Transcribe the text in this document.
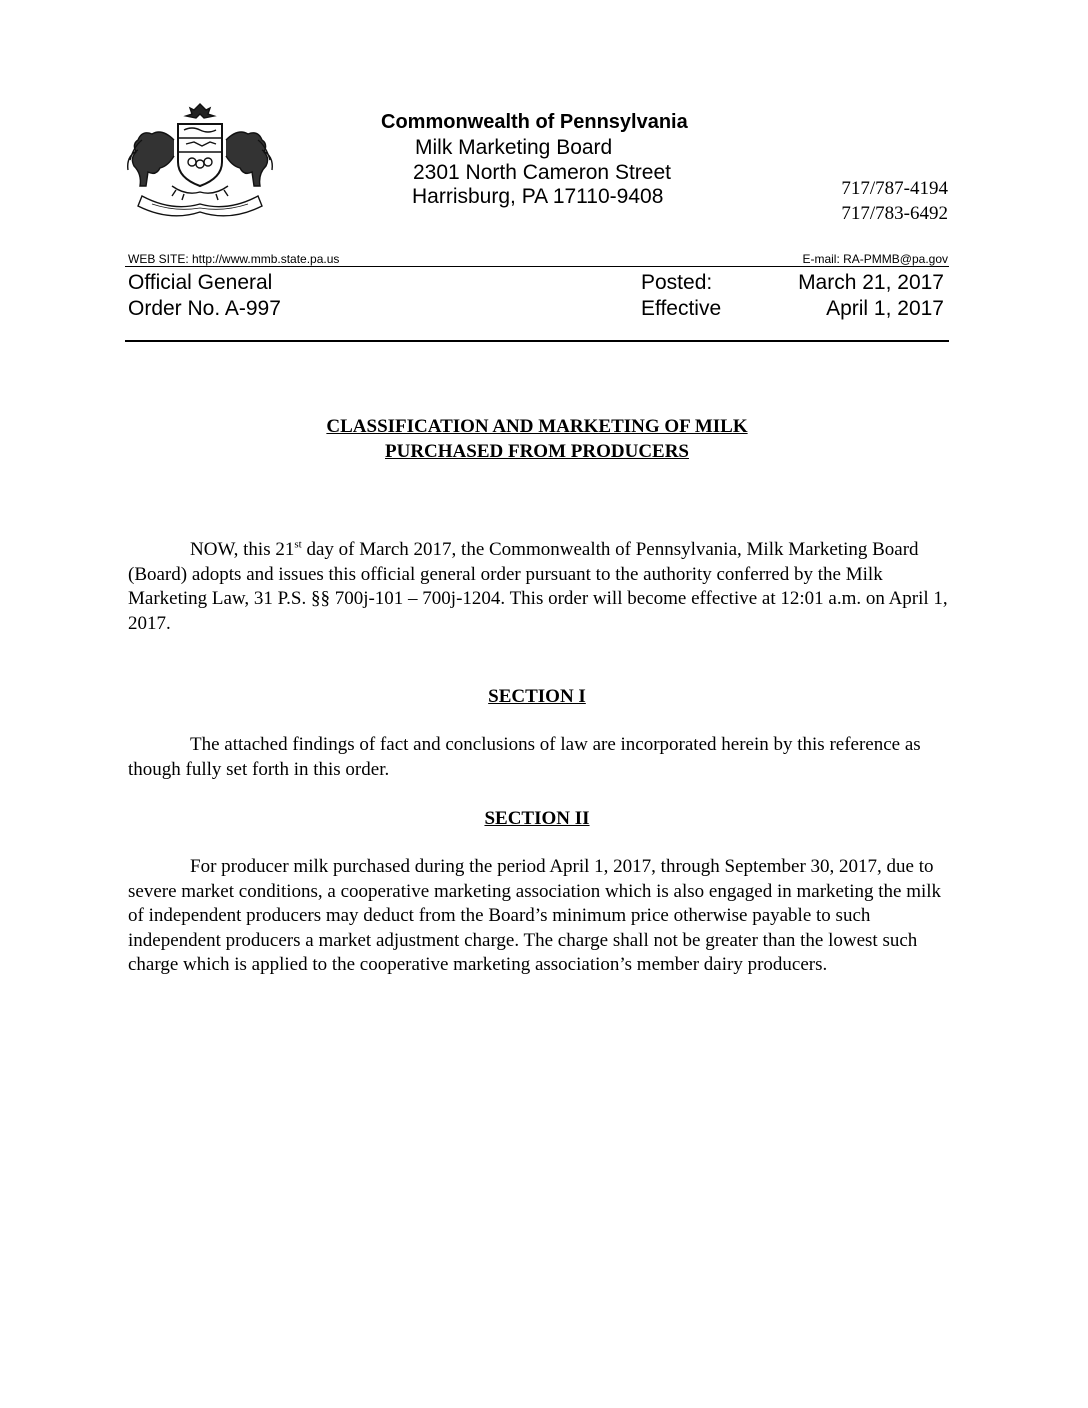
Commonwealth of Pennsylvania
Milk Marketing Board
2301 North Cameron Street
Harrisburg, PA 17110-9408	717/787-4194
717/783-6492
WEB SITE: http://www.mmb.state.pa.us	E-mail: RA-PMMB@pa.gov
Official General
Order No. A-997
Posted:
Effective
March 21, 2017
April 1, 2017
CLASSIFICATION AND MARKETING OF MILK
PURCHASED FROM PRODUCERS

NOW, this 21st day of March 2017, the Commonwealth of Pennsylvania, Milk Marketing Board (Board) adopts and issues this official general order pursuant to the authority conferred by the Milk Marketing Law, 31 P.S. §§ 700j-101 – 700j-1204. This order will become effective at 12:01 a.m. on April 1, 2017.

SECTION I

The attached findings of fact and conclusions of law are incorporated herein by this reference as though fully set forth in this order.

SECTION II

For producer milk purchased during the period April 1, 2017, through September 30, 2017, due to severe market conditions, a cooperative marketing association which is also engaged in marketing the milk of independent producers may deduct from the Board’s minimum price otherwise payable to such independent producers a market adjustment charge. The charge shall not be greater than the lowest such charge which is applied to the cooperative marketing association’s member dairy producers.
